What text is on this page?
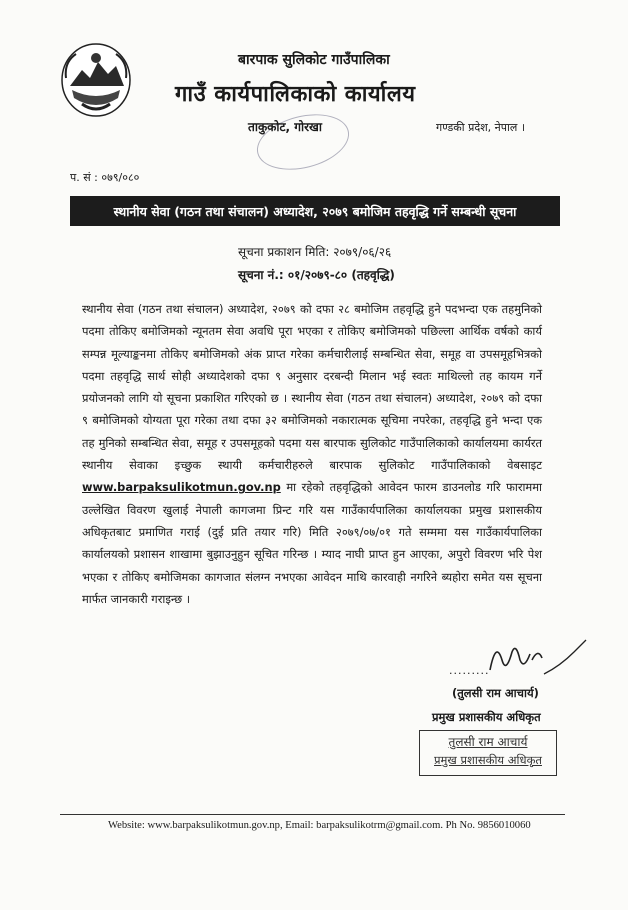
बारपाक सुलिकोट गाउँपालिका
गाउँ कार्यपालिकाको कार्यालय
ताकुकोट, गोरखा	गण्डकी प्रदेश, नेपाल ।
प. सं : ०७९/०८०
स्थानीय सेवा (गठन तथा संचालन) अध्यादेश, २०७९ बमोजिम तहवृद्धि गर्ने सम्बन्धी सूचना
सूचना प्रकाशन मिति: २०७९/०६/२६
सूचना नं.: ०१/२०७९-८० (तहवृद्धि)
स्थानीय सेवा (गठन तथा संचालन) अध्यादेश, २०७९ को दफा २८ बमोजिम तहवृद्धि हुने पदभन्दा एक तहमुनिको पदमा तोकिए बमोजिमको न्यूनतम सेवा अवधि पूरा भएका र तोकिए बमोजिमको पछिल्ला आर्थिक वर्षको कार्य सम्पन्न मूल्याङ्कनमा तोकिए बमोजिमको अंक प्राप्त गरेका कर्मचारीलाई सम्बन्धित सेवा, समूह वा उपसमूहभित्रको पदमा तहवृद्धि सार्थ सोही अध्यादेशको दफा ९ अनुसार दरबन्दी मिलान भई स्वतः माथिल्लो तह कायम गर्ने प्रयोजनको लागि यो सूचना प्रकाशित गरिएको छ । स्थानीय सेवा (गठन तथा संचालन) अध्यादेश, २०७९ को दफा ९ बमोजिमको योग्यता पूरा गरेका तथा दफा ३२ बमोजिमको नकारात्मक सूचिमा नपरेका, तहवृद्धि हुने भन्दा एक तह मुनिको सम्बन्धित सेवा, समूह र उपसमूहको पदमा यस बारपाक सुलिकोट गाउँपालिकाको कार्यालयमा कार्यरत स्थानीय सेवाका इच्छुक स्थायी कर्मचारीहरुले बारपाक सुलिकोट गाउँपालिकाको वेबसाइट www.barpaksulikotmun.gov.np मा रहेको तहवृद्धिको आवेदन फारम डाउनलोड गरि फाराममा उल्लेखित विवरण खुलाई नेपाली कागजमा प्रिन्ट गरि यस गाउँकार्यपालिका कार्यालयका प्रमुख प्रशासकीय अधिकृतबाट प्रमाणित गराई (दुई प्रति तयार गरि) मिति २०७९/०७/०१ गते सम्ममा यस गाउँकार्यपालिका कार्यालयको प्रशासन शाखामा बुझाउनुहुन सूचित गरिन्छ । म्याद नाघी प्राप्त हुन आएका, अपुरो विवरण भरि पेश भएका र तोकिए बमोजिमका कागजात संलग्न नभएका आवेदन माथि कारवाही नगरिने ब्यहोरा समेत यस सूचना मार्फत जानकारी गराइन्छ ।
.........
(तुलसी राम आचार्य)
प्रमुख प्रशासकीय अधिकृत
तुलसी राम आचार्य
प्रमुख प्रशासकीय अधिकृत
Website: www.barpaksulikotmun.gov.np, Email: barpaksulikotrm@gmail.com. Ph No. 9856010060
